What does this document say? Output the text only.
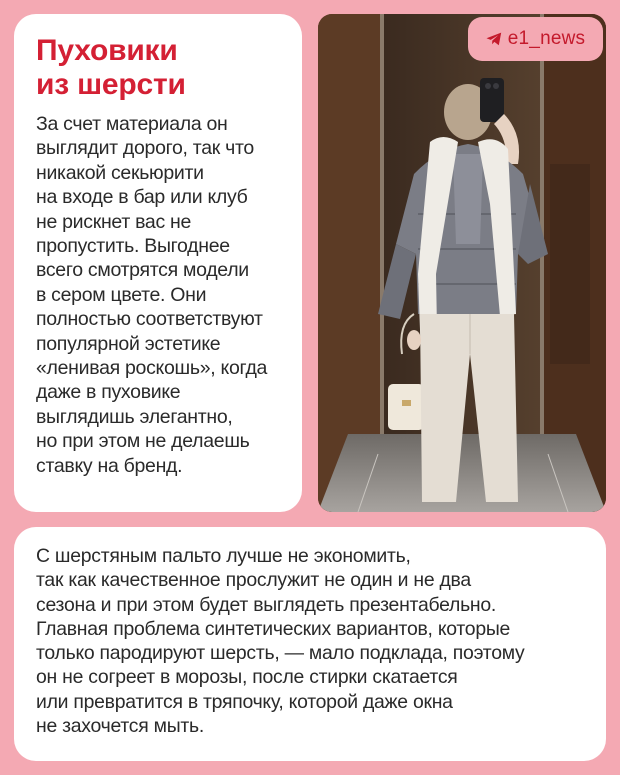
Пуховики
из шерсти

За счет материала он
выглядит дорого, так что
никакой секьюрити
на входе в бар или клуб
не рискнет вас не
пропустить. Выгоднее
всего смотрятся модели
в сером цвете. Они
полностью соответствуют
популярной эстетике
«ленивая роскошь», когда
даже в пуховике
выглядишь элегантно,
но при этом не делаешь
ставку на бренд.

e1_news

С шерстяным пальто лучше не экономить,
так как качественное прослужит не один и не два
сезона и при этом будет выглядеть презентабельно.
Главная проблема синтетических вариантов, которые
только пародируют шерсть, — мало подклада, поэтому
он не согреет в морозы, после стирки скатается
или превратится в тряпочку, которой даже окна
не захочется мыть.
